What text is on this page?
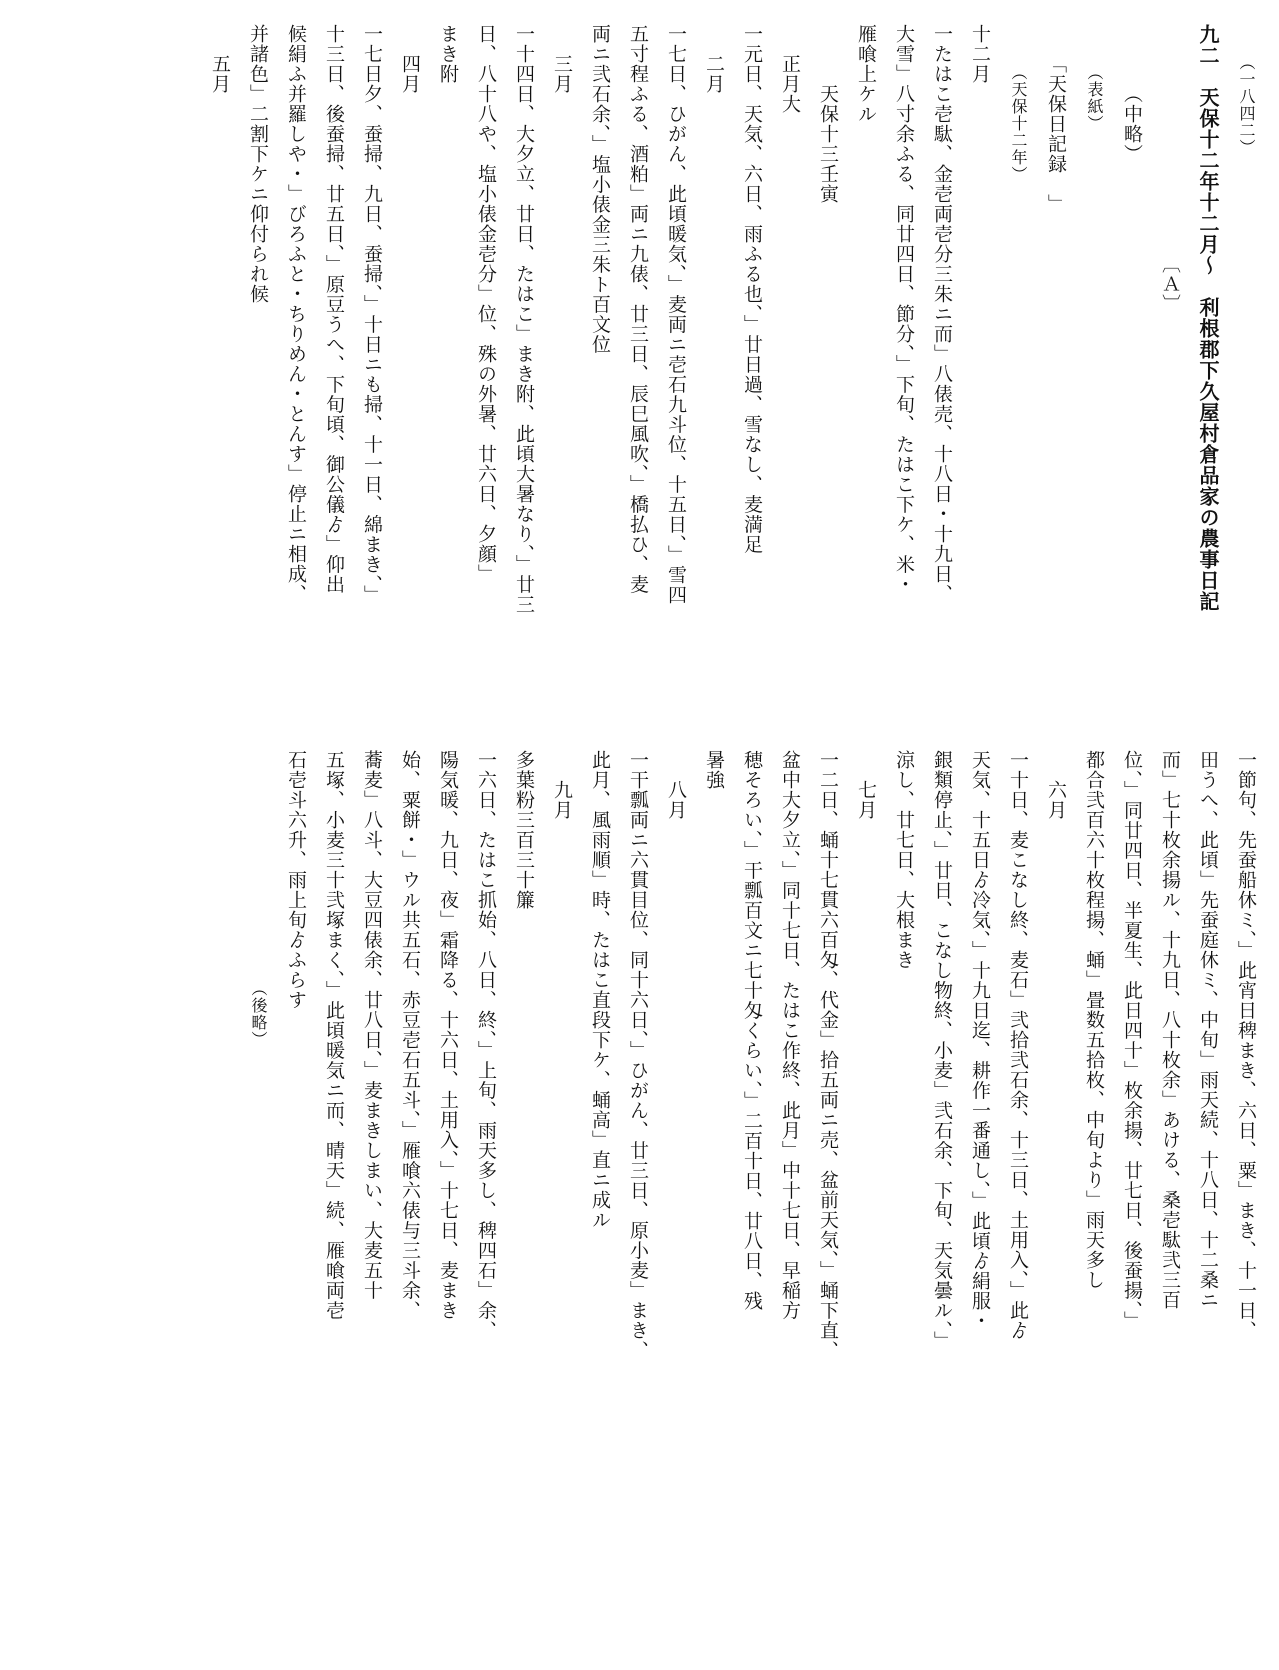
（一八四二）
九二　天保十二年十二月～　利根郡下久屋村倉品家の農事日記
〔Ａ〕
（中略）
（表紙）
「天保日記録　」
（天保十二年）
十二月
一たはこ壱駄、金壱両壱分三朱ニ而」八俵売、十八日・十九日、
大雪」八寸余ふる、同廿四日、節分、」下旬、たはこ下ケ、米・
雁喰上ケル
天保十三壬寅
正月大
一元日、天気、六日、雨ふる也、」廿日過、雪なし、麦満足
二月
一七日、ひがん、此頃暖気、」麦両ニ壱石九斗位、十五日、」雪四
五寸程ふる、酒粕」両ニ九俵、廿三日、辰巳風吹、」橋払ひ、麦
両ニ弐石余、」塩小俵金三朱ト百文位
三月
一十四日、大夕立、廿日、たはこ」まき附、此頃大暑なり、」廿三
日、八十八や、塩小俵金壱分」位、殊の外暑、廿六日、夕顔」
まき附
四月
一七日夕、蚕掃、九日、蚕掃、」十日ニも掃、十一日、綿まき、」
十三日、後蚕掃、廿五日、」原豆うへ、下旬頃、御公儀ゟ」仰出
候絹ふ并羅しや・」びろふと・ちりめん・とんす」停止ニ相成、
并諸色」二割下ケニ仰付られ候
五月
一節句、先蚕船休ミ、」此宵日稗まき、六日、粟」まき、十一日、
田うへ、此頃」先蚕庭休ミ、中旬」雨天続、十八日、十二桑ニ
而」七十枚余揚ル、十九日、八十枚余」あける、桑壱駄弐三百
位、」同廿四日、半夏生、此日四十」枚余揚、廿七日、後蚕揚、」
都合弐百六十枚程揚、蛹」畳数五拾枚、中旬より」雨天多し
六月
一十日、麦こなし終、麦石」弐拾弐石余、十三日、土用入、」此ゟ
天気、十五日ゟ冷気、」十九日迄、耕作一番通し、」此頃ゟ絹服・
銀類停止、」廿日、こなし物終、小麦」弐石余、下旬、天気曇ル、」
涼し、廿七日、大根まき
七月
一二日、蛹十七貫六百匁、代金」拾五両ニ売、盆前天気、」蛹下直、
盆中大夕立、」同十七日、たはこ作終、此月」中十七日、早稲方
穂そろい、」干瓢百文ニ七十匁くらい、」二百十日、廿八日、残
暑強
八月
一干瓢両ニ六貫目位、同十六日、」ひがん、廿三日、原小麦」まき、
此月、風雨順」時、たはこ直段下ケ、蛹高」直ニ成ル
九月
多葉粉三百三十簾
一六日、たはこ抓始、八日、終、」上旬、雨天多し、稗四石」余、
陽気暖、九日、夜」霜降る、十六日、土用入、」十七日、麦まき
始、粟餅・」ウル共五石、赤豆壱石五斗、」雁喰六俵与三斗余、
蕎麦」八斗、大豆四俵余、廿八日、」麦まきしまい、大麦五十
五塚、小麦三十弐塚まく、」此頃暖気ニ而、晴天」続、雁喰両壱
石壱斗六升、雨上旬ゟふらす
（後略）
